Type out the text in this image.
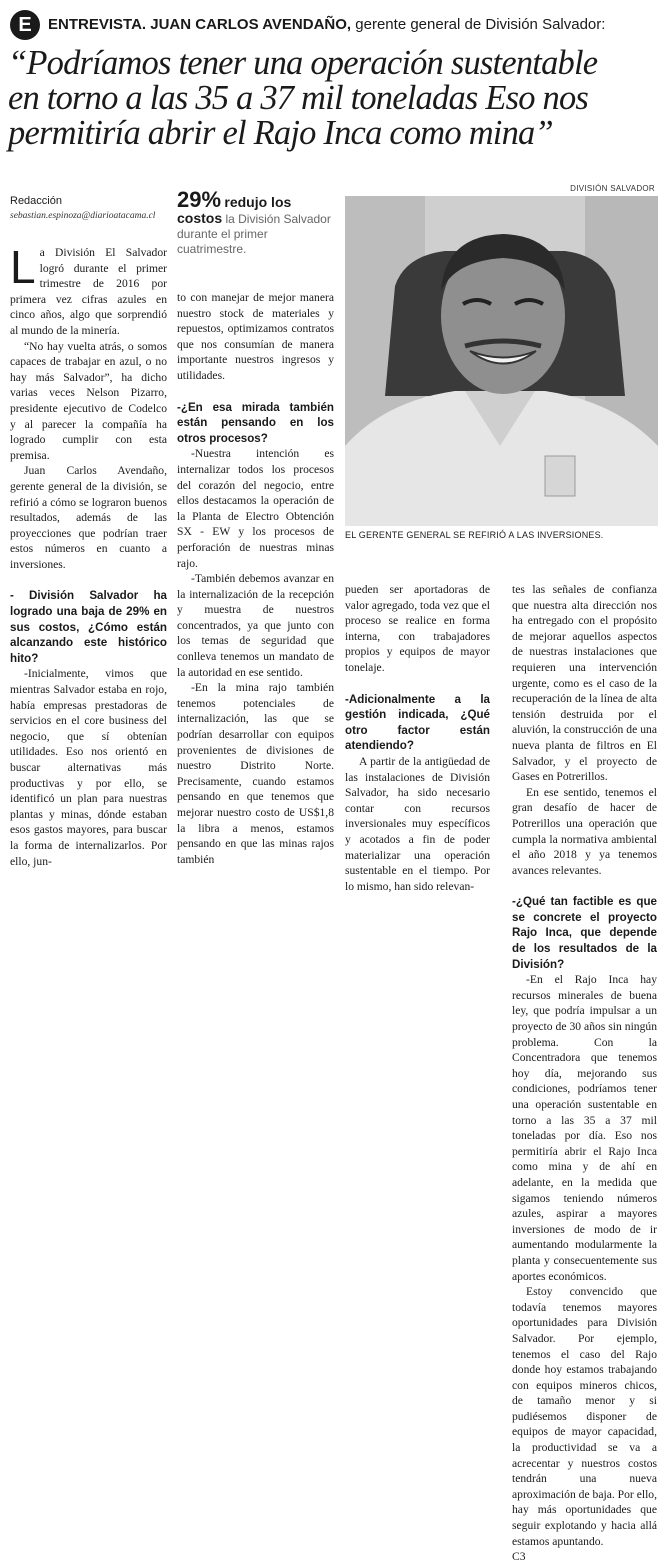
E	ENTREVISTA. JUAN CARLOS AVENDAÑO, gerente general de División Salvador:
“Podríamos tener una operación sustentable
en torno a las 35 a 37 mil toneladas Eso nos
permitiría abrir el Rajo Inca como mina”
DIVISIÓN SALVADOR
Redacción
sebastian.espinoza@diarioatacama.cl
29% redujo los
costos la División Salvador durante el primer cuatrimestre.
EL GERENTE GENERAL SE REFIRIÓ A LAS INVERSIONES.

La División El Salvador logró durante el primer trimestre de 2016 por primera vez cifras azules en cinco años, algo que sorprendió al mundo de la minería.

“No hay vuelta atrás, o somos capaces de trabajar en azul, o no hay más Salvador”, ha dicho varias veces Nelson Pizarro, presidente ejecutivo de Codelco y al parecer la compañía ha logrado cumplir con esta premisa.

Juan Carlos Avendaño, gerente general de la división, se refirió a cómo se lograron buenos resultados, además de las proyecciones que podrían traer estos números en cuanto a inversiones.

- División Salvador ha logrado una baja de 29% en sus costos, ¿Cómo están alcanzando este histórico hito?

-Inicialmente, vimos que mientras Salvador estaba en rojo, había empresas prestadoras de servicios en el core business del negocio, que sí obtenían utilidades. Eso nos orientó en buscar alternativas más productivas y por ello, se identificó un plan para nuestras plantas y minas, dónde estaban esos gastos mayores, para buscar la forma de internalizarlos. Por ello, jun-

to con manejar de mejor manera nuestro stock de materiales y repuestos, optimizamos contratos que nos consumían de manera importante nuestros ingresos y utilidades.

-¿En esa mirada también están pensando en los otros procesos?

-Nuestra intención es internalizar todos los procesos del corazón del negocio, entre ellos destacamos la operación de la Planta de Electro Obtención SX - EW y los procesos de perforación de nuestras minas rajo.

-También debemos avanzar en la internalización de la recepción y muestra de nuestros concentrados, ya que junto con los temas de seguridad que conlleva tenemos un mandato de la autoridad en ese sentido.

-En la mina rajo también tenemos potenciales de internalización, las que se podrían desarrollar con equipos provenientes de divisiones de nuestro Distrito Norte. Precisamente, cuando estamos pensando en que tenemos que mejorar nuestro costo de US$1,8 la libra a menos, estamos pensando en que las minas rajos también

pueden ser aportadoras de valor agregado, toda vez que el proceso se realice en forma interna, con trabajadores propios y equipos de mayor tonelaje.

-Adicionalmente a la gestión indicada, ¿Qué otro factor están atendiendo?

A partir de la antigüedad de las instalaciones de División Salvador, ha sido necesario contar con recursos inversionales muy específicos y acotados a fin de poder materializar una operación sustentable en el tiempo. Por lo mismo, han sido relevan-

tes las señales de confianza que nuestra alta dirección nos ha entregado con el propósito de mejorar aquellos aspectos de nuestras instalaciones que requieren una intervención urgente, como es el caso de la recuperación de la línea de alta tensión destruida por el aluvión, la construcción de una nueva planta de filtros en El Salvador, y el proyecto de Gases en Potrerillos.

En ese sentido, tenemos el gran desafío de hacer de Potrerillos una operación que cumpla la normativa ambiental el año 2018 y ya tenemos avances relevantes.

-¿Qué tan factible es que se concrete el proyecto Rajo Inca, que depende de los resultados de la División?

-En el Rajo Inca hay recursos minerales de buena ley, que podría impulsar a un proyecto de 30 años sin ningún problema. Con la Concentradora que tenemos hoy día, mejorando sus condiciones, podríamos tener una operación sustentable en torno a las 35 a 37 mil toneladas por día. Eso nos permitiría abrir el Rajo Inca como mina y de ahí en adelante, en la medida que sigamos teniendo números azules, aspirar a mayores inversiones de modo de ir aumentando modularmente la planta y consecuentemente sus aportes económicos.

Estoy convencido que todavía tenemos mayores oportunidades para División Salvador. Por ejemplo, tenemos el caso del Rajo donde hoy estamos trabajando con equipos mineros chicos, de tamaño menor y si pudiésemos disponer de equipos de mayor capacidad, la productividad se va a acrecentar y nuestros costos tendrán una nueva aproximación de baja. Por ello, hay más oportunidades que seguir explotando y hacia allá estamos apuntando.

C3
